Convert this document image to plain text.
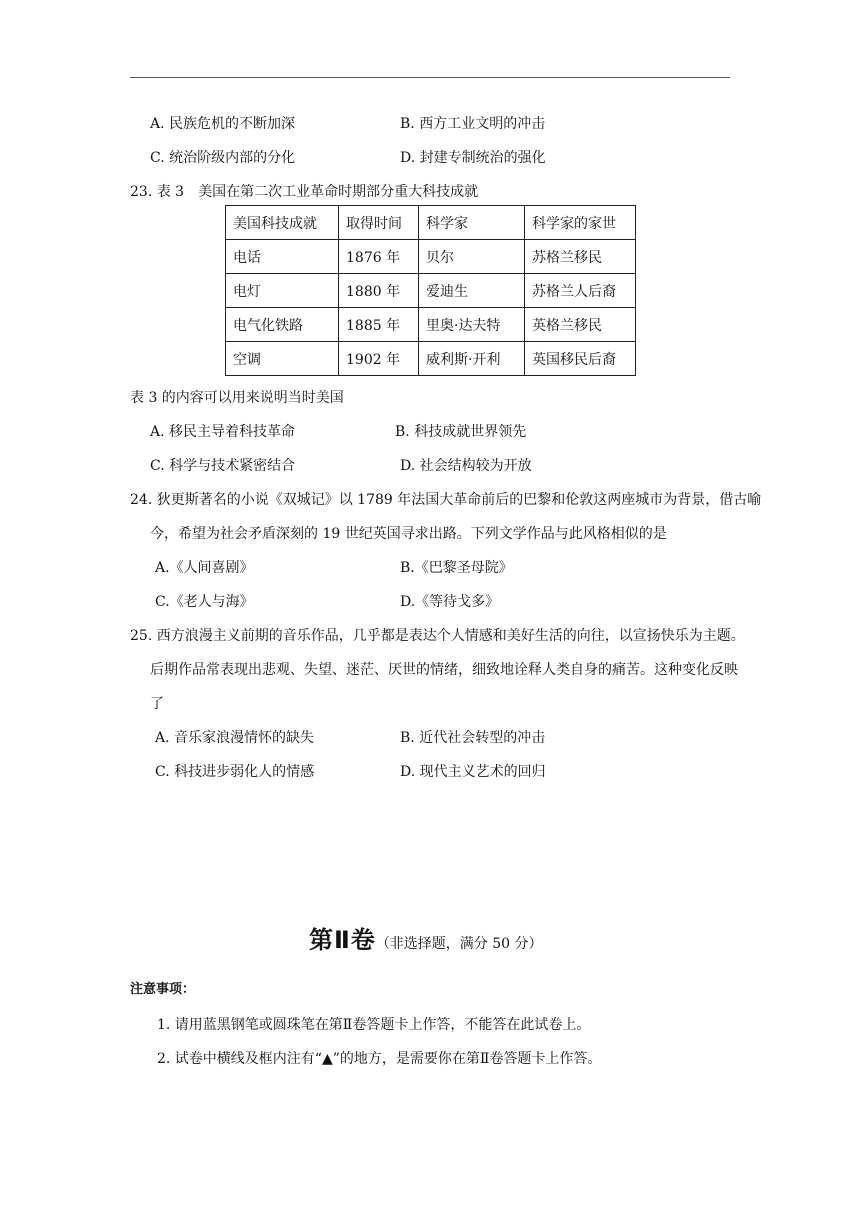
A. 民族危机的不断加深	B. 西方工业文明的冲击
C. 统治阶级内部的分化	D. 封建专制统治的强化
23. 表 3　美国在第二次工业革命时期部分重大科技成就
美国科技成就	取得时间	科学家	科学家的家世
电话	1876 年	贝尔	苏格兰移民
电灯	1880 年	爱迪生	苏格兰人后裔
电气化铁路	1885 年	里奥·达夫特	英格兰移民
空调	1902 年	威利斯·开利	英国移民后裔
表 3 的内容可以用来说明当时美国
A. 移民主导着科技革命	B. 科技成就世界领先
C. 科学与技术紧密结合	D. 社会结构较为开放
24. 狄更斯著名的小说《双城记》以 1789 年法国大革命前后的巴黎和伦敦这两座城市为背景，借古喻
今，希望为社会矛盾深刻的 19 世纪英国寻求出路。下列文学作品与此风格相似的是
A.《人间喜剧》	B.《巴黎圣母院》
C.《老人与海》	D.《等待戈多》
25. 西方浪漫主义前期的音乐作品，几乎都是表达个人情感和美好生活的向往，以宣扬快乐为主题。
后期作品常表现出悲观、失望、迷茫、厌世的情绪，细致地诠释人类自身的痛苦。这种变化反映
了
A. 音乐家浪漫情怀的缺失	B. 近代社会转型的冲击
C. 科技进步弱化人的情感	D. 现代主义艺术的回归
第Ⅱ卷（非选择题，满分 50 分）
注意事项：
1. 请用蓝黑钢笔或圆珠笔在第Ⅱ卷答题卡上作答，不能答在此试卷上。
2. 试卷中横线及框内注有“▲”的地方，是需要你在第Ⅱ卷答题卡上作答。
